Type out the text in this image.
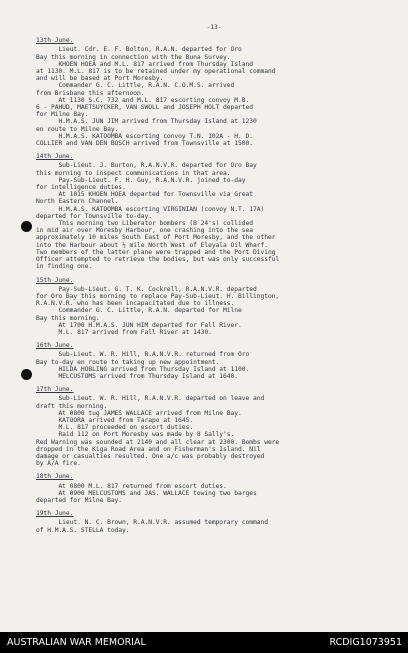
-13-
13th June.
Lieut. Cdr. E. F. Bolton, R.A.N. departed for Oro
Bay this morning in connection with the Buna Survey.
KHOEN HOEA and M.L. 817 arrived from Thursday Island
at 1130. M.L. 817 is to be retained under my operational command
and will be based at Port Moresby.
Commander G. C. Little, R.A.N. C.O.M.S. arrived
from Brisbane this afternoon.
At 1130 S.C. 732 and M.L. 817 escorting convoy M.B.
6 - PAHUD, MAETSUYCKER, VAN SWOLL and JOSEPH HOLT departed
for Milne Bay.
H.M.A.S. JUN JIM arrived from Thursday Island at 1230
en route to Milne Bay.
H.M.A.S. KATOOMBA escorting convoy T.N. 102A - H. D.
COLLIER and VAN DEN BOSCH arrived from Townsville at 1500.
14th June.
Sub-Lieut. J. Burton, R.A.N.V.R. departed for Oro Bay
this morning to inspect communications in that area.
Pay-Sub-Lieut. F. H. Guy, R.A.N.V.R. joined to-day
for intelligence duties.
At 1015 KHOEN HOEA departed for Townsville via Great
North Eastern Channel.
H.M.A.S. KATOOMBA escorting VIRGINIAN (convoy N.T. 17A)
departed for Townsville to-day.
This morning two Liberator bombers (B 24's) collided
in mid air over Moresby Harbour, one crashing into the sea
approximately 10 miles South East of Port Moresby, and the other
into the Harbour about ½ mile North West of Eleyala Oil Wharf.
Two members of the latter plane were trapped and the Port Diving
Officer attempted to retrieve the bodies, but was only successful
in finding one.
15th June.
Pay-Sub-Lieut. G. T. K. Cockrell, R.A.N.V.R. departed
for Oro Bay this morning to replace Pay-Sub-Lieut. H. Billington,
R.A.N.V.R. who has been incapacitated due to illness.
Commander G. C. Little, R.A.N. departed for Milne
Bay this morning.
At 1700 H.M.A.S. JUN HIM departed for Fall River.
M.L. 817 arrived from Fall River at 1430.
16th June.
Sub-Lieut. W. R. Hill, R.A.N.V.R. returned from Oro
Bay to-day en route to taking up new appointment.
HILDA HOBLING arrived from Thursday Island at 1100.
MELCUSTOMS arrived from Thursday Island at 1640.
17th June.
Sub-Lieut. W. R. Hill, R.A.N.V.R. departed on leave and
draft this morning.
At 0800 tug JAMES WALLACE arrived from Milne Bay.
KATOORA arrived from Tarapo at 1645.
M.L. 817 proceeded on escort duties.
Raid 112 on Port Moresby was made by 8 Sally's.
Red Warning was sounded at 2140 and all clear at 2300. Bombs were
dropped in the Kiga Road Area and on Fisherman's Island. Nil
damage or casualties resulted. One a/c was probably destroyed
by A/A fire.
18th June.
At 0800 M.L. 817 returned from escort duties.
At 0900 MELCUSTOMS and JAS. WALLACE towing two barges
departed for Milne Bay.
19th June.
Lieut. N. C. Brown, R.A.N.V.R. assumed temporary command
of H.M.A.S. STELLA today.
AUSTRALIAN WAR MEMORIAL	RCDIG1073951
